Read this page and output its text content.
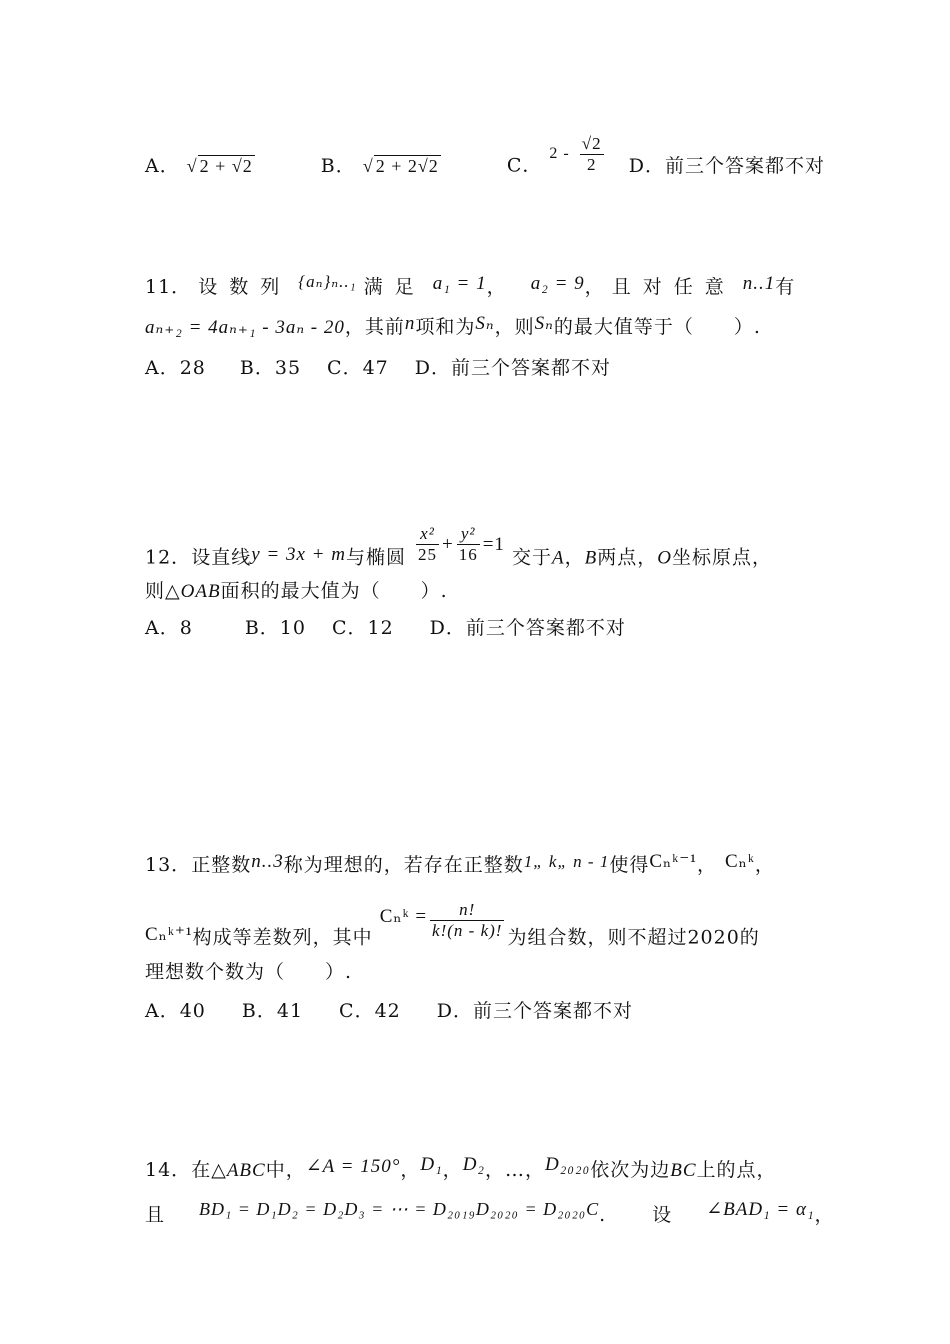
A． √ 2 + √2	B． √ 2 + 2√2	C． $^{2 -} \frac{√2}{2}$ D．前三个答案都不对
11． 设数列 {aₙ}ₙ..₁ 满足 a₁ = 1，  a₂ = 9， 且对任意 n..1有
aₙ₊₂ = 4aₙ₊₁ - 3aₙ - 20，其前n项和为Sₙ，则Sₙ的最大值等于（　　）.
A．28 B．35 C．47 D．前三个答案都不对
12．设直线y = 3x + m与椭圆 $\frac{\text{x²}}{25} + \frac{\text{y²}}{16} =1$ 交于A，B两点，O坐标原点，
则△OAB面积的最大值为（　　）.
A．8	B．10 C．12 D．前三个答案都不对
13．正整数n..3称为理想的，若存在正整数1„ k„ n - 1使得Cₙᵏ⁻¹， Cₙᵏ，
Cₙᵏ⁺¹构成等差数列，其中 Cₙᵏ = $\frac{n!}{k!(n - k)!}$ 为组合数，则不超过2020的
理想数个数为（　　）.
A．40 B．41 C．42 D．前三个答案都不对
14．在△ABC中，∠A = 150°，D₁，D₂，…，D₂₀₂₀依次为边BC上的点，
且 BD₁ = D₁D₂ = D₂D₃ = ⋯ = D₂₀₁₉D₂₀₂₀ = D₂₀₂₀C. 设 ∠BAD₁ = α₁，
